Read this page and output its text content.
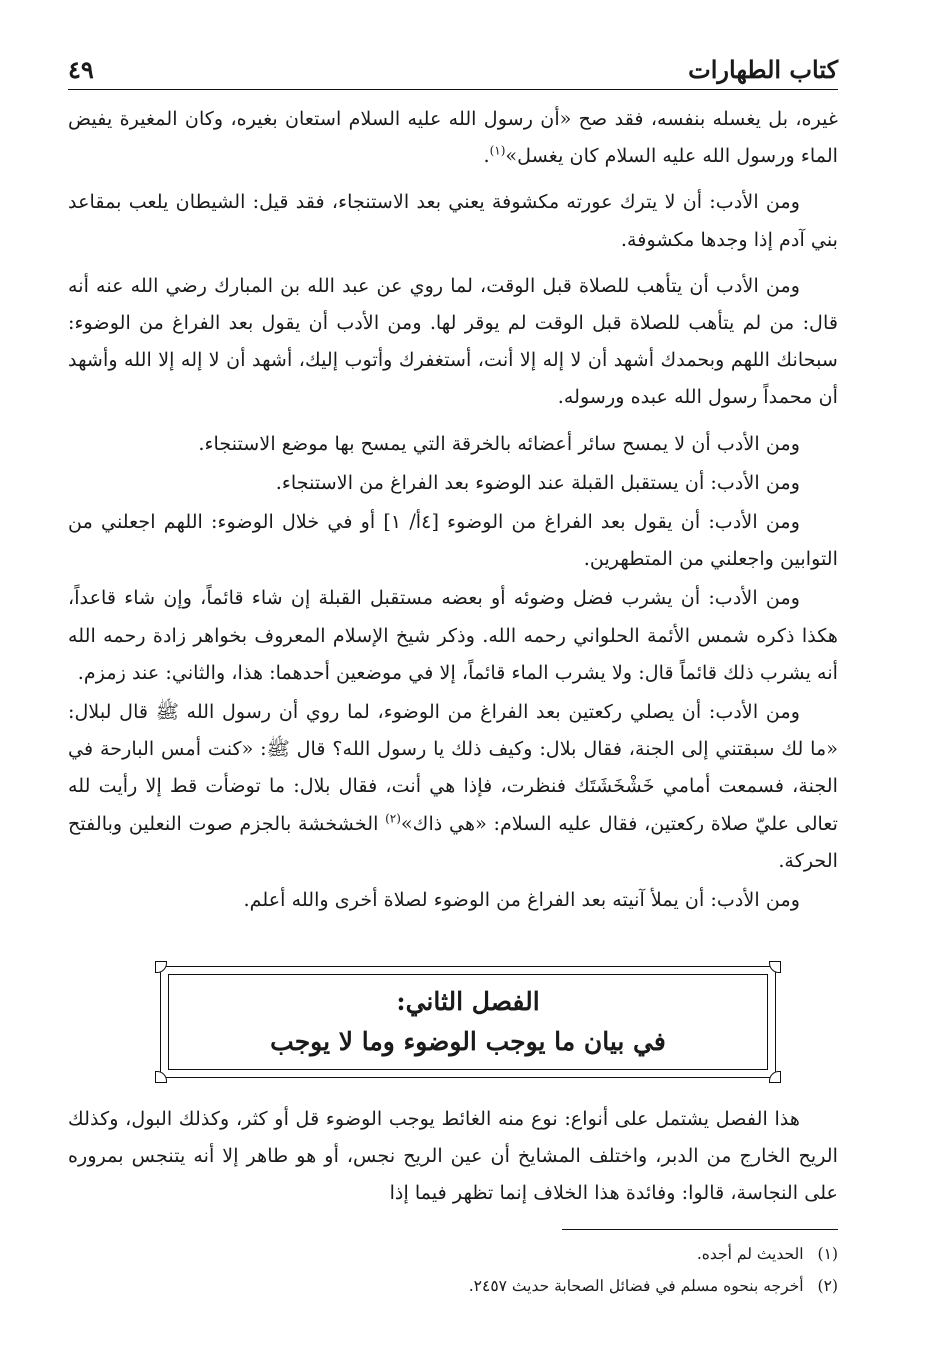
كتاب الطهارات
٤٩

غيره، بل يغسله بنفسه، فقد صح «أن رسول الله عليه السلام استعان بغيره، وكان المغيرة يفيض الماء ورسول الله عليه السلام كان يغسل»$^{(١)}$.

ومن الأدب: أن لا يترك عورته مكشوفة يعني بعد الاستنجاء، فقد قيل: الشيطان يلعب بمقاعد بني آدم إذا وجدها مكشوفة.

ومن الأدب أن يتأهب للصلاة قبل الوقت، لما روي عن عبد الله بن المبارك رضي الله عنه أنه قال: من لم يتأهب للصلاة قبل الوقت لم يوقر لها. ومن الأدب أن يقول بعد الفراغ من الوضوء: سبحانك اللهم وبحمدك أشهد أن لا إله إلا أنت، أستغفرك وأتوب إليك، أشهد أن لا إله إلا الله وأشهد أن محمداً رسول الله عبده ورسوله.

ومن الأدب أن لا يمسح سائر أعضائه بالخرقة التي يمسح بها موضع الاستنجاء.

ومن الأدب: أن يستقبل القبلة عند الوضوء بعد الفراغ من الاستنجاء.

ومن الأدب: أن يقول بعد الفراغ من الوضوء [٤أ/ ١] أو في خلال الوضوء: اللهم اجعلني من التوابين واجعلني من المتطهرين.

ومن الأدب: أن يشرب فضل وضوئه أو بعضه مستقبل القبلة إن شاء قائماً، وإن شاء قاعداً، هكذا ذكره شمس الأئمة الحلواني رحمه الله. وذكر شيخ الإسلام المعروف بخواهر زادة رحمه الله أنه يشرب ذلك قائماً قال: ولا يشرب الماء قائماً، إلا في موضعين أحدهما: هذا، والثاني: عند زمزم.

ومن الأدب: أن يصلي ركعتين بعد الفراغ من الوضوء، لما روي أن رسول الله ﷺ قال لبلال: «ما لك سبقتني إلى الجنة، فقال بلال: وكيف ذلك يا رسول الله؟ قال ﷺ: «كنت أمس البارحة في الجنة، فسمعت أمامي خَشْخَشَتَك فنظرت، فإذا هي أنت، فقال بلال: ما توضأت قط إلا رأيت لله تعالى عليّ صلاة ركعتين، فقال عليه السلام: «هي ذاك»$^{(٢)}$ الخشخشة بالجزم صوت النعلين وبالفتح الحركة.

ومن الأدب: أن يملأ آنيته بعد الفراغ من الوضوء لصلاة أخرى والله أعلم.

الفصل الثاني:
في بيان ما يوجب الوضوء وما لا يوجب

هذا الفصل يشتمل على أنواع: نوع منه الغائط يوجب الوضوء قل أو كثر، وكذلك البول، وكذلك الريح الخارج من الدبر، واختلف المشايخ أن عين الريح نجس، أو هو طاهر إلا أنه يتنجس بمروره على النجاسة، قالوا: وفائدة هذا الخلاف إنما تظهر فيما إذا

(١)
الحديث لم أجده.
(٢)
أخرجه بنحوه مسلم في فضائل الصحابة حديث ٢٤٥٧.
